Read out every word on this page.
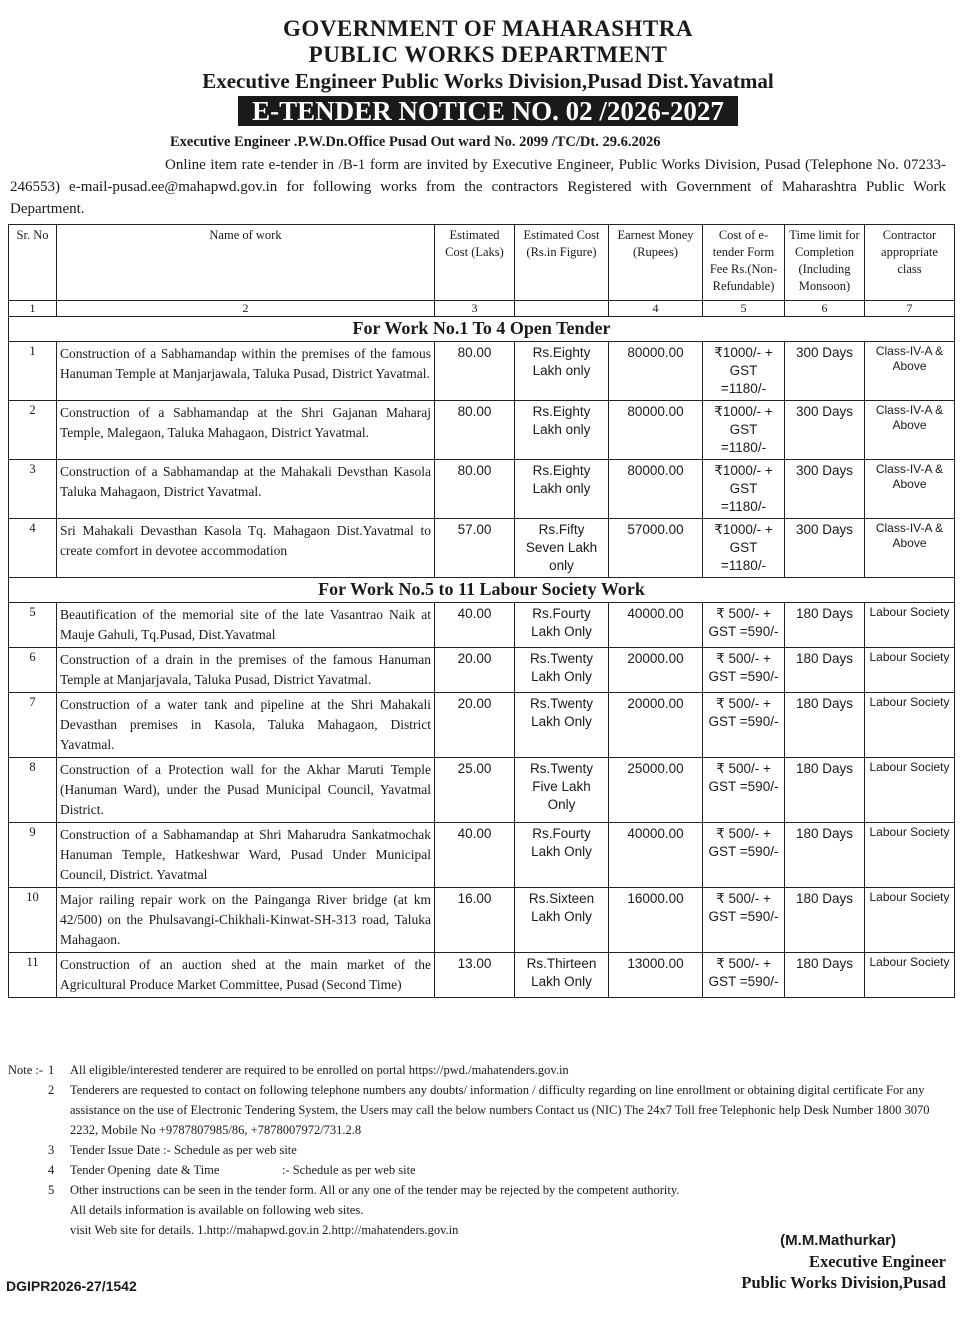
GOVERNMENT OF MAHARASHTRA
PUBLIC WORKS DEPARTMENT
Executive Engineer Public Works Division,Pusad Dist.Yavatmal
E-TENDER NOTICE NO. 02 /2026-2027
Executive Engineer .P.W.Dn.Office Pusad Out ward No. 2099 /TC/Dt. 29.6.2026
Online item rate e-tender in /B-1 form are invited by Executive Engineer, Public Works Division, Pusad (Telephone No. 07233-246553) e-mail-pusad.ee@mahapwd.gov.in for following works from the contractors Registered with Government of Maharashtra Public Work Department.
Sr. No	Name of work	Estimated Cost (Laks)	Estimated Cost (Rs.in Figure)	Earnest Money (Rupees)	Cost of e-tender Form Fee Rs.(Non-Refundable)	Time limit for Completion (Including Monsoon)	Contractor appropriate class
1	2	3		4	5	6	7
For Work No.1 To 4 Open Tender							
1	Construction of a Sabhamandap within the premises of the famous Hanuman Temple at Manjarjawala, Taluka Pusad, District Yavatmal.	80.00	Rs.Eighty Lakh only	80000.00	₹1000/- + GST =1180/-	300 Days	Class-IV-A & Above
2	Construction of a Sabhamandap at the Shri Gajanan Maharaj Temple, Malegaon, Taluka Mahagaon, District Yavatmal.	80.00	Rs.Eighty Lakh only	80000.00	₹1000/- + GST =1180/-	300 Days	Class-IV-A & Above
3	Construction of a Sabhamandap at the Mahakali Devsthan Kasola Taluka Mahagaon, District Yavatmal.	80.00	Rs.Eighty Lakh only	80000.00	₹1000/- + GST =1180/-	300 Days	Class-IV-A & Above
4	Sri Mahakali Devasthan Kasola Tq. Mahagaon Dist.Yavatmal to create comfort in devotee accommodation	57.00	Rs.Fifty Seven Lakh only	57000.00	₹1000/- + GST =1180/-	300 Days	Class-IV-A & Above
For Work No.5 to 11 Labour Society Work							
5	Beautification of the memorial site of the late Vasantrao Naik at Mauje Gahuli, Tq.Pusad, Dist.Yavatmal	40.00	Rs.Fourty Lakh Only	40000.00	₹ 500/- + GST =590/-	180 Days	Labour Society
6	Construction of a drain in the premises of the famous Hanuman Temple at Manjarjavala, Taluka Pusad, District Yavatmal.	20.00	Rs.Twenty Lakh Only	20000.00	₹ 500/- + GST =590/-	180 Days	Labour Society
7	Construction of a water tank and pipeline at the Shri Mahakali Devasthan premises in Kasola, Taluka Mahagaon, District Yavatmal.	20.00	Rs.Twenty Lakh Only	20000.00	₹ 500/- + GST =590/-	180 Days	Labour Society
8	Construction of a Protection wall for the Akhar Maruti Temple (Hanuman Ward), under the Pusad Municipal Council, Yavatmal District.	25.00	Rs.Twenty Five Lakh Only	25000.00	₹ 500/- + GST =590/-	180 Days	Labour Society
9	Construction of a Sabhamandap at Shri Maharudra Sankatmochak Hanuman Temple, Hatkeshwar Ward, Pusad Under Municipal Council, District. Yavatmal	40.00	Rs.Fourty Lakh Only	40000.00	₹ 500/- + GST =590/-	180 Days	Labour Society
10	Major railing repair work on the Painganga River bridge (at km 42/500) on the Phulsavangi-Chikhali-Kinwat-SH-313 road, Taluka Mahagaon.	16.00	Rs.Sixteen Lakh Only	16000.00	₹ 500/- + GST =590/-	180 Days	Labour Society
11	Construction of an auction shed at the main market of the Agricultural Produce Market Committee, Pusad (Second Time)	13.00	Rs.Thirteen Lakh Only	13000.00	₹ 500/- + GST =590/-	180 Days	Labour Society
Note :- 1	All eligible/interested tenderer are required to be enrolled on portal https://pwd./mahatenders.gov.in
2	Tenderers are requested to contact on following telephone numbers any doubts/ information / difficulty regarding on line enrollment or obtaining digital certificate For any assistance on the use of Electronic Tendering System, the Users may call the below numbers Contact us (NIC) The 24x7 Toll free Telephonic help Desk Number 1800 3070 2232, Mobile No +9787807985/86, +7878007972/731.2.8
3	Tender Issue Date :- Schedule as per web site
4	Tender Opening  date & Time                    :- Schedule as per web site
5	Other instructions can be seen in the tender form. All or any one of the tender may be rejected by the competent authority.
All details information is available on following web sites.
visit Web site for details. 1.http://mahapwd.gov.in 2.http://mahatenders.gov.in
(M.M.Mathurkar)
Executive Engineer
Public Works Division,Pusad
DGIPR2026-27/1542
